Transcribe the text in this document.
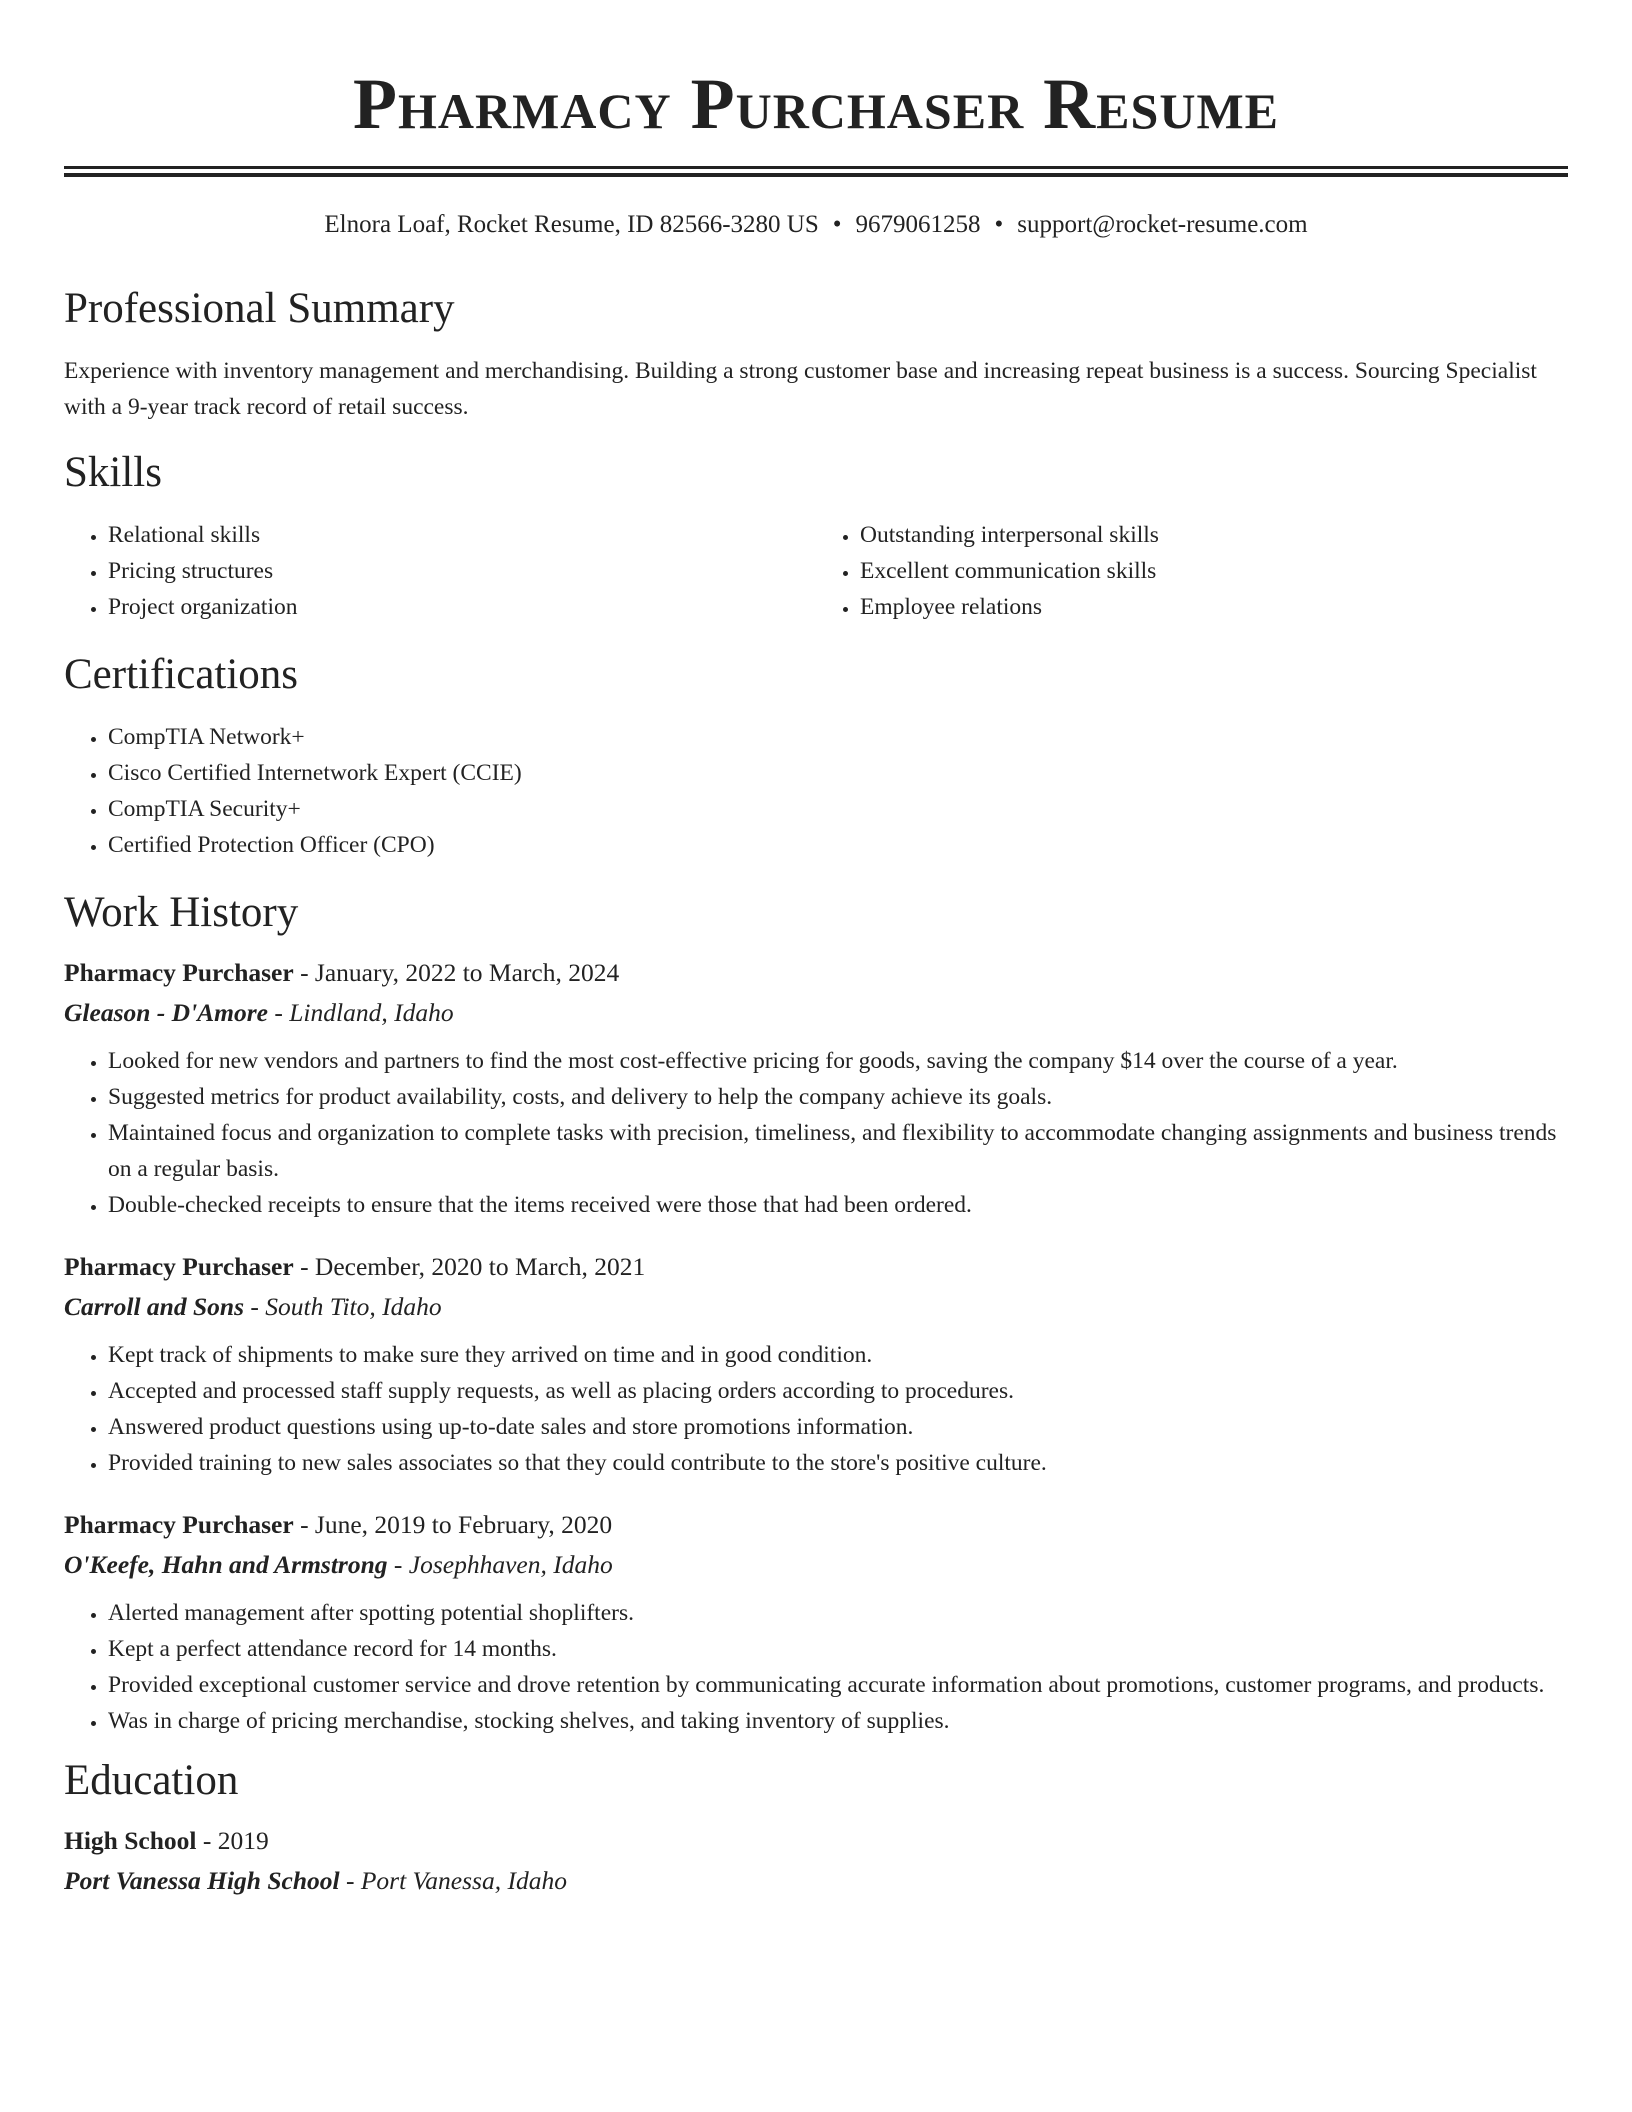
Pharmacy Purchaser Resume
Elnora Loaf, Rocket Resume, ID 82566-3280 US • 9679061258 • support@rocket-resume.com
Professional Summary

Experience with inventory management and merchandising. Building a strong customer base and increasing repeat business is a success. Sourcing Specialist with a 9-year track record of retail success.

Skills
• Relational skills
• Pricing structures
• Project organization
• Outstanding interpersonal skills
• Excellent communication skills
• Employee relations
Certifications
• CompTIA Network+
• Cisco Certified Internetwork Expert (CCIE)
• CompTIA Security+
• Certified Protection Officer (CPO)
Work History
Pharmacy Purchaser - January, 2022 to March, 2024
Gleason - D'Amore - Lindland, Idaho
• Looked for new vendors and partners to find the most cost-effective pricing for goods, saving the company $14 over the course of a year.
• Suggested metrics for product availability, costs, and delivery to help the company achieve its goals.
• Maintained focus and organization to complete tasks with precision, timeliness, and flexibility to accommodate changing assignments and business trends on a regular basis.
• Double-checked receipts to ensure that the items received were those that had been ordered.
Pharmacy Purchaser - December, 2020 to March, 2021
Carroll and Sons - South Tito, Idaho
• Kept track of shipments to make sure they arrived on time and in good condition.
• Accepted and processed staff supply requests, as well as placing orders according to procedures.
• Answered product questions using up-to-date sales and store promotions information.
• Provided training to new sales associates so that they could contribute to the store's positive culture.
Pharmacy Purchaser - June, 2019 to February, 2020
O'Keefe, Hahn and Armstrong - Josephhaven, Idaho
• Alerted management after spotting potential shoplifters.
• Kept a perfect attendance record for 14 months.
• Provided exceptional customer service and drove retention by communicating accurate information about promotions, customer programs, and products.
• Was in charge of pricing merchandise, stocking shelves, and taking inventory of supplies.
Education
High School - 2019
Port Vanessa High School - Port Vanessa, Idaho
